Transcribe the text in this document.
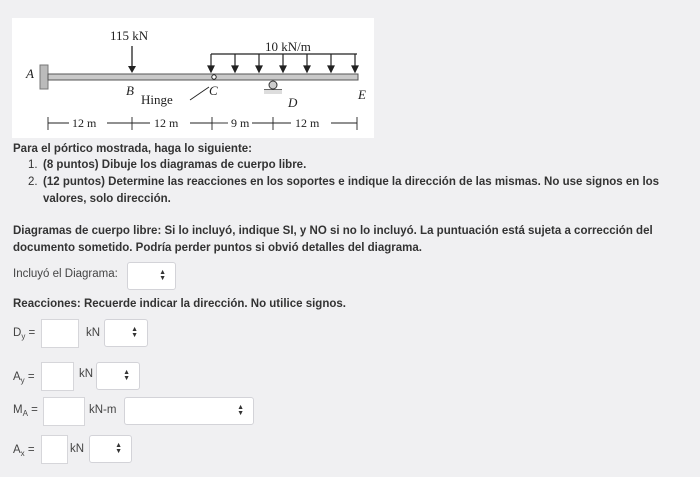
115 kN
10 kN/m
A
B
Hinge
C
D
E
12 m	12 m	9 m	12 m
Para el pórtico mostrada, haga lo siguiente:
1. (8 puntos) Dibuje los diagramas de cuerpo libre.
2. (12 puntos) Determine las reacciones en los soportes e indique la dirección de las mismas. No use signos en los valores, solo dirección.
Diagramas de cuerpo libre: Si lo incluyó, indique SI, y NO si no lo incluyó. La puntuación está sujeta a corrección del documento sometido. Podría perder puntos si obvió detalles del diagrama.
Incluyó el Diagrama:	▲
▼
Reacciones: Recuerde indicar la dirección. No utilice signos.
$D_y$ =	kN	▲
▼
$A_y$ =	kN	▲
▼
$M_A$ =	kN-m	▲
▼
$A_x$ =	kN	▲
▼
